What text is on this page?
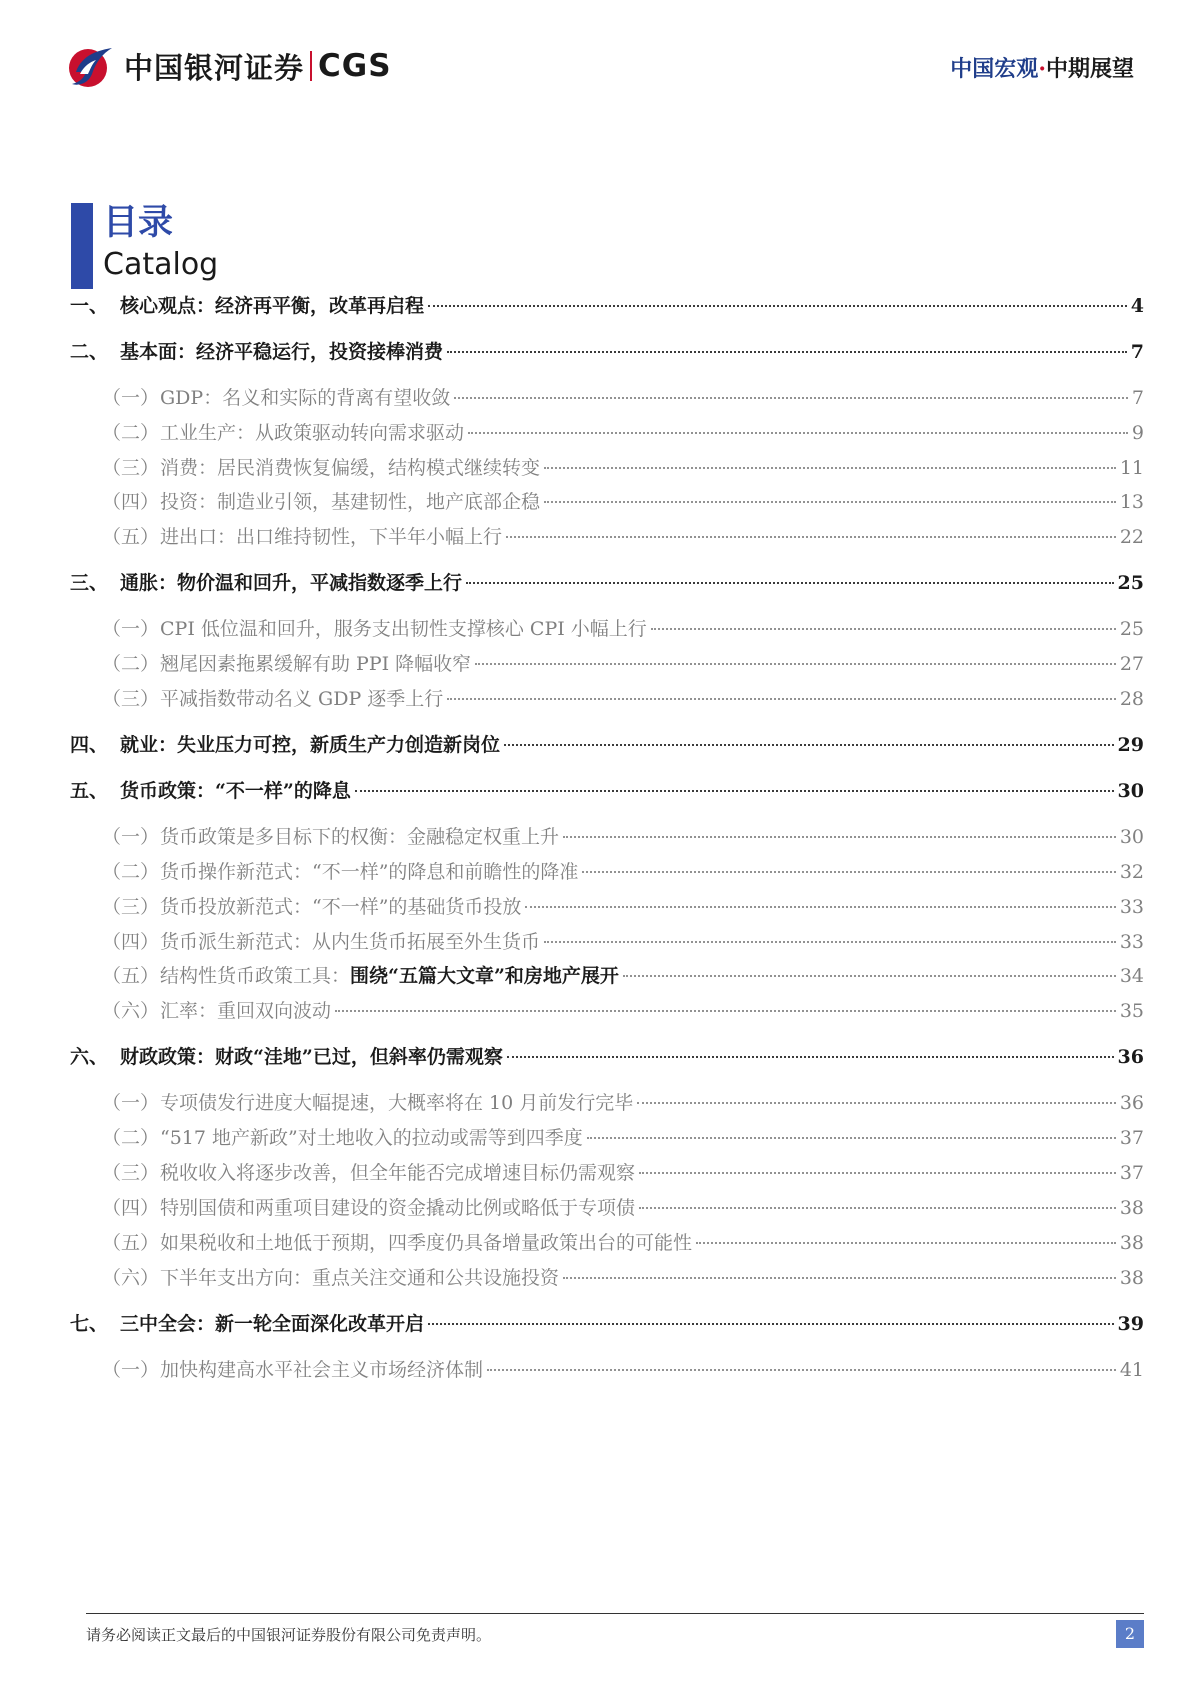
中国银河证券 CGS	中国宏观·中期展望
目录
Catalog
一、 核心观点：经济再平衡，改革再启程	4
二、 基本面：经济平稳运行，投资接棒消费	7
（一） GDP：名义和实际的背离有望收敛	7
（二） 工业生产：从政策驱动转向需求驱动	9
（三） 消费：居民消费恢复偏缓，结构模式继续转变	11
（四） 投资：制造业引领，基建韧性，地产底部企稳	13
（五） 进出口：出口维持韧性，下半年小幅上行	22
三、 通胀：物价温和回升，平减指数逐季上行	25
（一） CPI 低位温和回升，服务支出韧性支撑核心 CPI 小幅上行	25
（二） 翘尾因素拖累缓解有助 PPI 降幅收窄	27
（三） 平减指数带动名义 GDP 逐季上行	28
四、 就业：失业压力可控，新质生产力创造新岗位	29
五、 货币政策：“不一样”的降息	30
（一） 货币政策是多目标下的权衡：金融稳定权重上升	30
（二） 货币操作新范式：“不一样”的降息和前瞻性的降准	32
（三） 货币投放新范式：“不一样”的基础货币投放	33
（四） 货币派生新范式：从内生货币拓展至外生货币	33
（五） 结构性货币政策工具：围绕“五篇大文章”和房地产展开	34
（六） 汇率：重回双向波动	35
六、 财政政策：财政“洼地”已过，但斜率仍需观察	36
（一） 专项债发行进度大幅提速，大概率将在 10 月前发行完毕	36
（二） “517 地产新政”对土地收入的拉动或需等到四季度	37
（三） 税收收入将逐步改善，但全年能否完成增速目标仍需观察	37
（四） 特别国债和两重项目建设的资金撬动比例或略低于专项债	38
（五） 如果税收和土地低于预期，四季度仍具备增量政策出台的可能性	38
（六） 下半年支出方向：重点关注交通和公共设施投资	38
七、 三中全会：新一轮全面深化改革开启	39
（一） 加快构建高水平社会主义市场经济体制	41
请务必阅读正文最后的中国银河证券股份有限公司免责声明。	2
